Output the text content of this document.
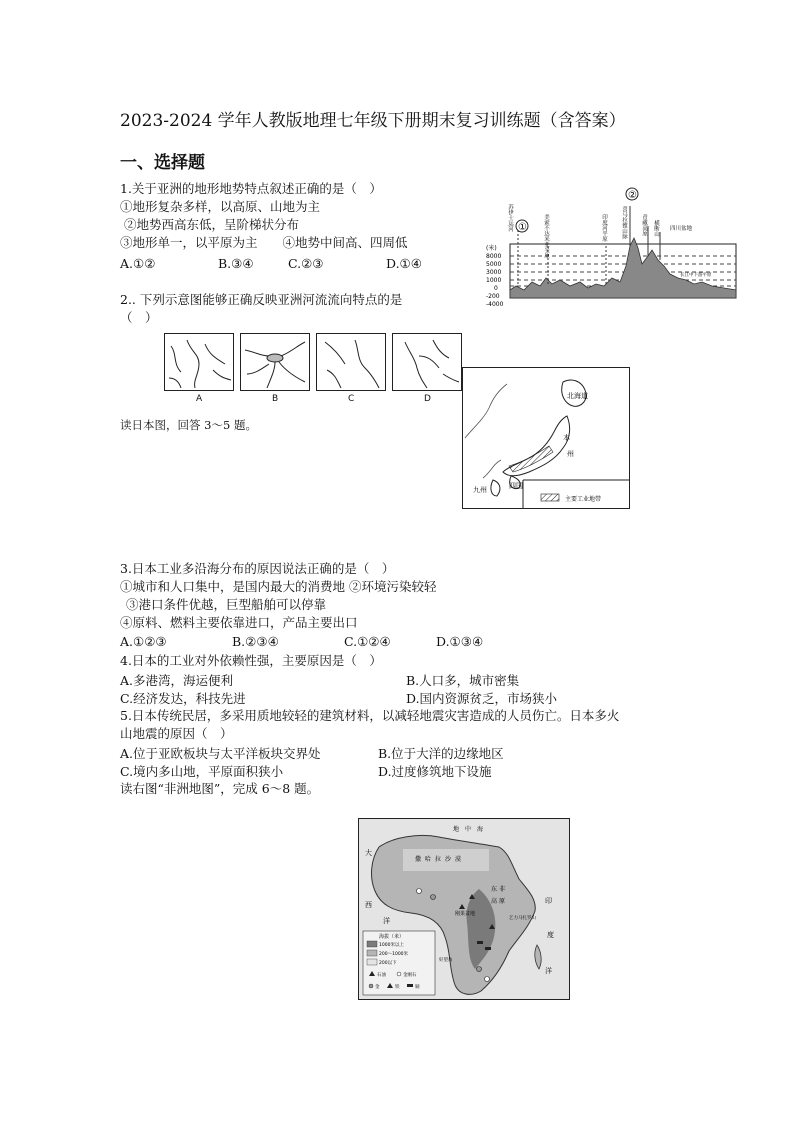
2023-2024 学年人教版地理七年级下册期末复习训练题（含答案）
一、选择题
1.关于亚洲的地形地势特点叙述正确的是（　）
①地形复杂多样，以高原、山地为主
②地势西高东低，呈阶梯状分布
③地形单一，以平原为主　　④地势中间高、四周低
A.①②	B.③④	C.②③	D.①④
①
②
(米)
8000
5000
3000
1000
0
-200
-4000
苏伊士运河	美索不达米亚平原	印度河平原	喜马拉雅山脉	青藏高原 横断山 四川盆地
长江中下游平原
2.. 下列示意图能够正确反映亚洲河流流向特点的是
（　）
A	B	C	D
读日本图，回答 3～5 题。
北海道
本
州
四国
九州
主要工业地带
3.日本工业多沿海分布的原因说法正确的是（　）
①城市和人口集中，是国内最大的消费地 ②环境污染较轻
③港口条件优越，巨型船舶可以停靠
④原料、燃料主要依靠进口，产品主要出口
A.①②③	B.②③④	C.①②④	D.①③④
4.日本的工业对外依赖性强，主要原因是（　）
A.多港湾，海运便利	B.人口多，城市密集
C.经济发达，科技先进	D.国内资源贫乏，市场狭小
5.日本传统民居，多采用质地较轻的建筑材料，以减轻地震灾害造成的人员伤亡。日本多火
山地震的原因（　）
A.位于亚欧板块与太平洋板块交界处	B.位于大洋的边缘地区
C.境内多山地，平原面积狭小	D.过度修筑地下设施
读右图“非洲地图”，完成 6～8 题。
海拔（米）
1000米以上
200～1000米
200以下
石油	金刚石
金	铁	铜
地 中 海
大
撒 哈 拉 沙 漠
西
洋
印
度
洋
东 非
高 原
刚果盆地
乞力马扎罗山
好望角
